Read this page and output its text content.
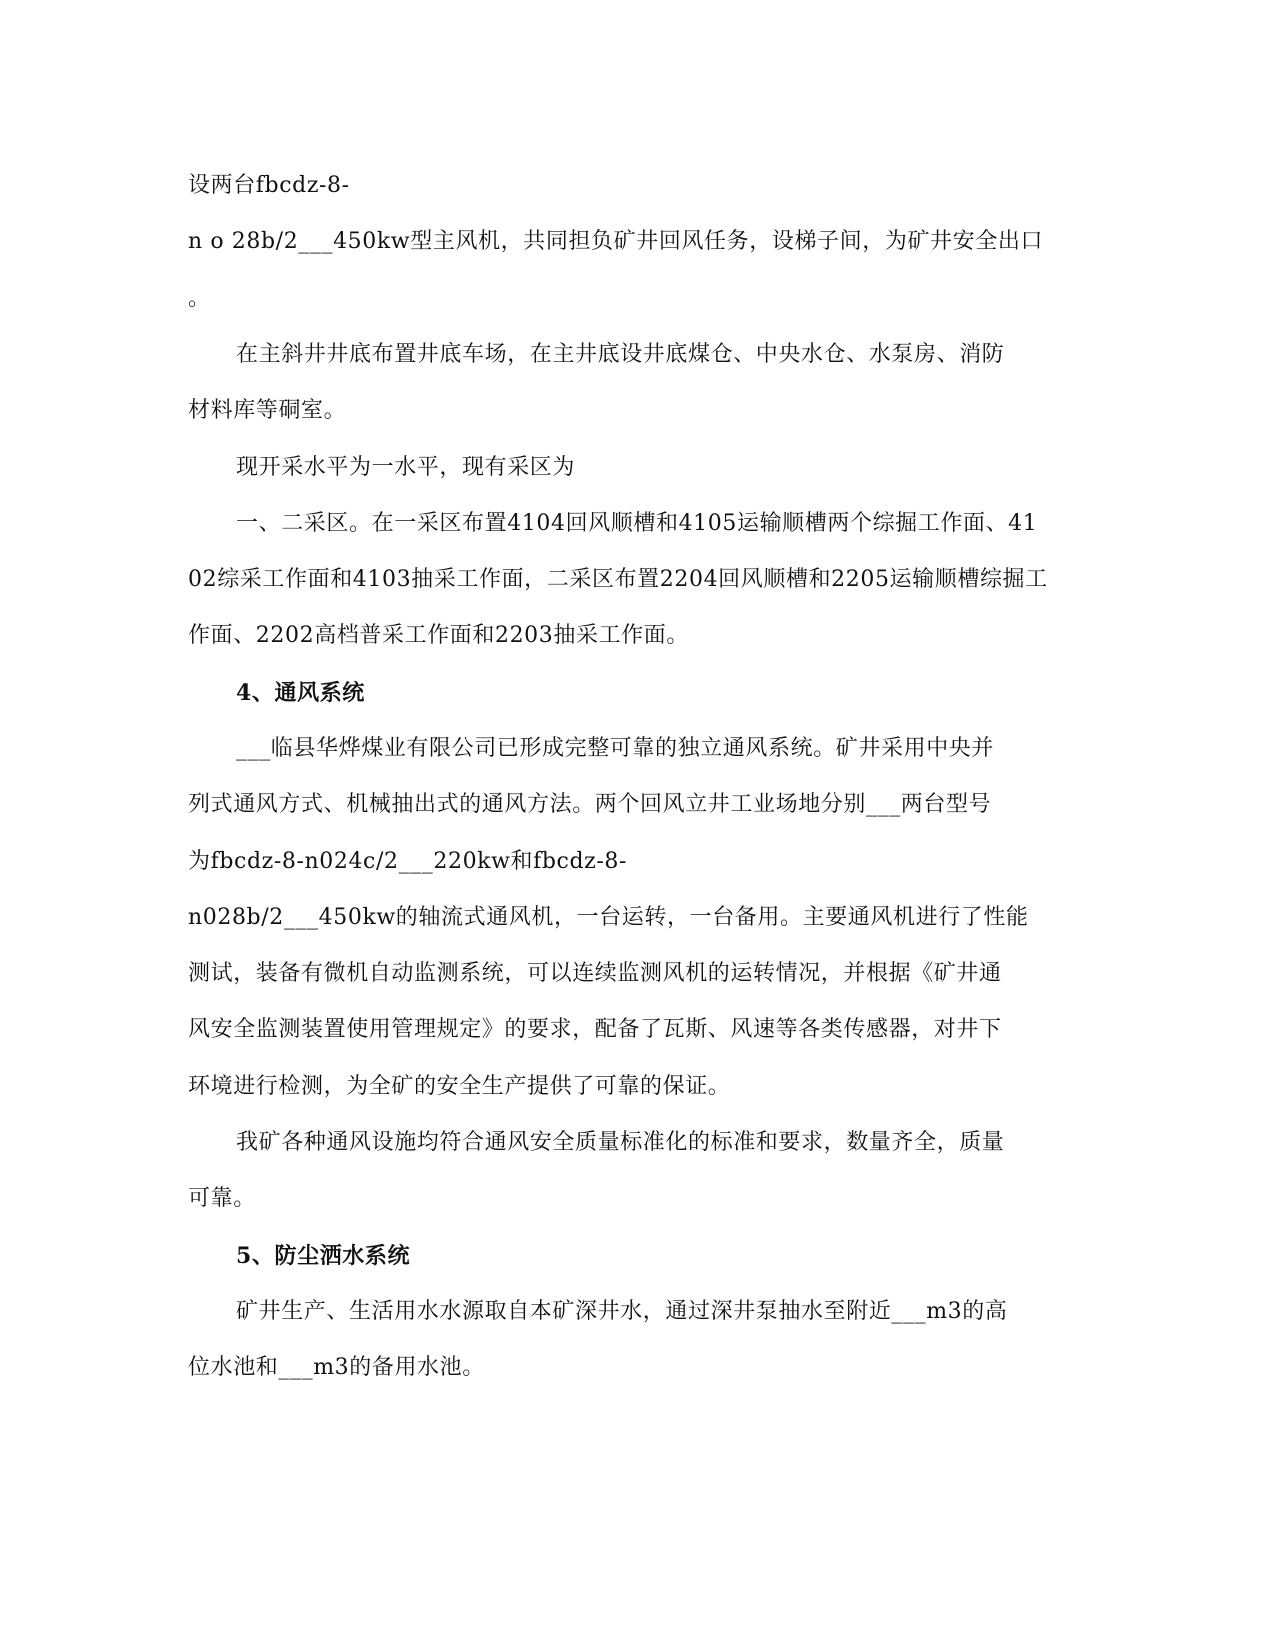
设两台fbcdz-8-
n o 28b/2___450kw型主风机，共同担负矿井回风任务，设梯子间，为矿井安全出口
。
在主斜井井底布置井底车场，在主井底设井底煤仓、中央水仓、水泵房、消防
材料库等硐室。
现开采水平为一水平，现有采区为
一、二采区。在一采区布置4104回风顺槽和4105运输顺槽两个综掘工作面、41
02综采工作面和4103抽采工作面，二采区布置2204回风顺槽和2205运输顺槽综掘工
作面、2202高档普采工作面和2203抽采工作面。
4、通风系统
___临县华烨煤业有限公司已形成完整可靠的独立通风系统。矿井采用中央并
列式通风方式、机械抽出式的通风方法。两个回风立井工业场地分别___两台型号
为fbcdz-8-n024c/2___220kw和fbcdz-8-
n028b/2___450kw的轴流式通风机，一台运转，一台备用。主要通风机进行了性能
测试，装备有微机自动监测系统，可以连续监测风机的运转情况，并根据《矿井通
风安全监测装置使用管理规定》的要求，配备了瓦斯、风速等各类传感器，对井下
环境进行检测，为全矿的安全生产提供了可靠的保证。
我矿各种通风设施均符合通风安全质量标准化的标准和要求，数量齐全，质量
可靠。
5、防尘洒水系统
矿井生产、生活用水水源取自本矿深井水，通过深井泵抽水至附近___m3的高
位水池和___m3的备用水池。
